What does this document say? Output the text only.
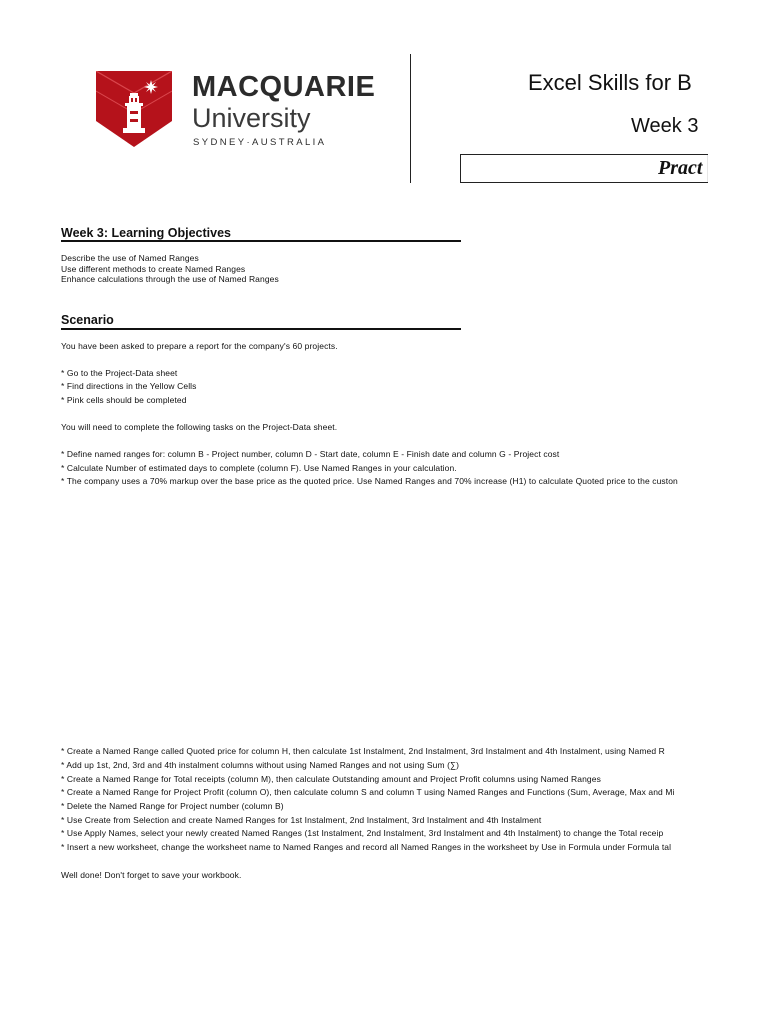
MACQUARIE
University
SYDNEY·AUSTRALIA
Excel Skills for B
Week 3
Pract
Week 3: Learning Objectives
Describe the use of Named Ranges
Use different methods to create Named Ranges
Enhance calculations through the use of Named Ranges
Scenario
You have been asked to prepare a report for the company's 60 projects.
* Go to the Project-Data sheet
* Find directions in the Yellow Cells
* Pink cells should be completed
You will need to complete the following tasks on the Project-Data sheet.
* Define named ranges for: column B - Project number, column D - Start date, column E - Finish date and column G - Project cost
* Calculate Number of estimated days to complete (column F). Use Named Ranges in your calculation.
* The company uses a 70% markup over the base price as the quoted price. Use Named Ranges and 70% increase (H1) to calculate Quoted price to the custon
* Create a Named Range called Quoted price for column H, then calculate 1st Instalment, 2nd Instalment, 3rd Instalment and 4th Instalment, using Named R
* Add up 1st, 2nd, 3rd and 4th instalment columns without using Named Ranges and not using Sum (∑)
* Create a Named Range for Total receipts (column M), then calculate Outstanding amount and Project Profit columns using Named Ranges
* Create a Named Range for Project Profit (column O), then calculate column S and column T using Named Ranges and Functions (Sum, Average, Max and Mi
* Delete the Named Range for Project number (column B)
* Use Create from Selection and create Named Ranges for 1st Instalment, 2nd Instalment, 3rd Instalment and 4th Instalment
* Use Apply Names, select your newly created Named Ranges (1st Instalment, 2nd Instalment, 3rd Instalment and 4th Instalment) to change the Total receip
* Insert a new worksheet, change the worksheet name to Named Ranges and record all Named Ranges in the worksheet by Use in Formula under Formula tal
Well done! Don't forget to save your workbook.
